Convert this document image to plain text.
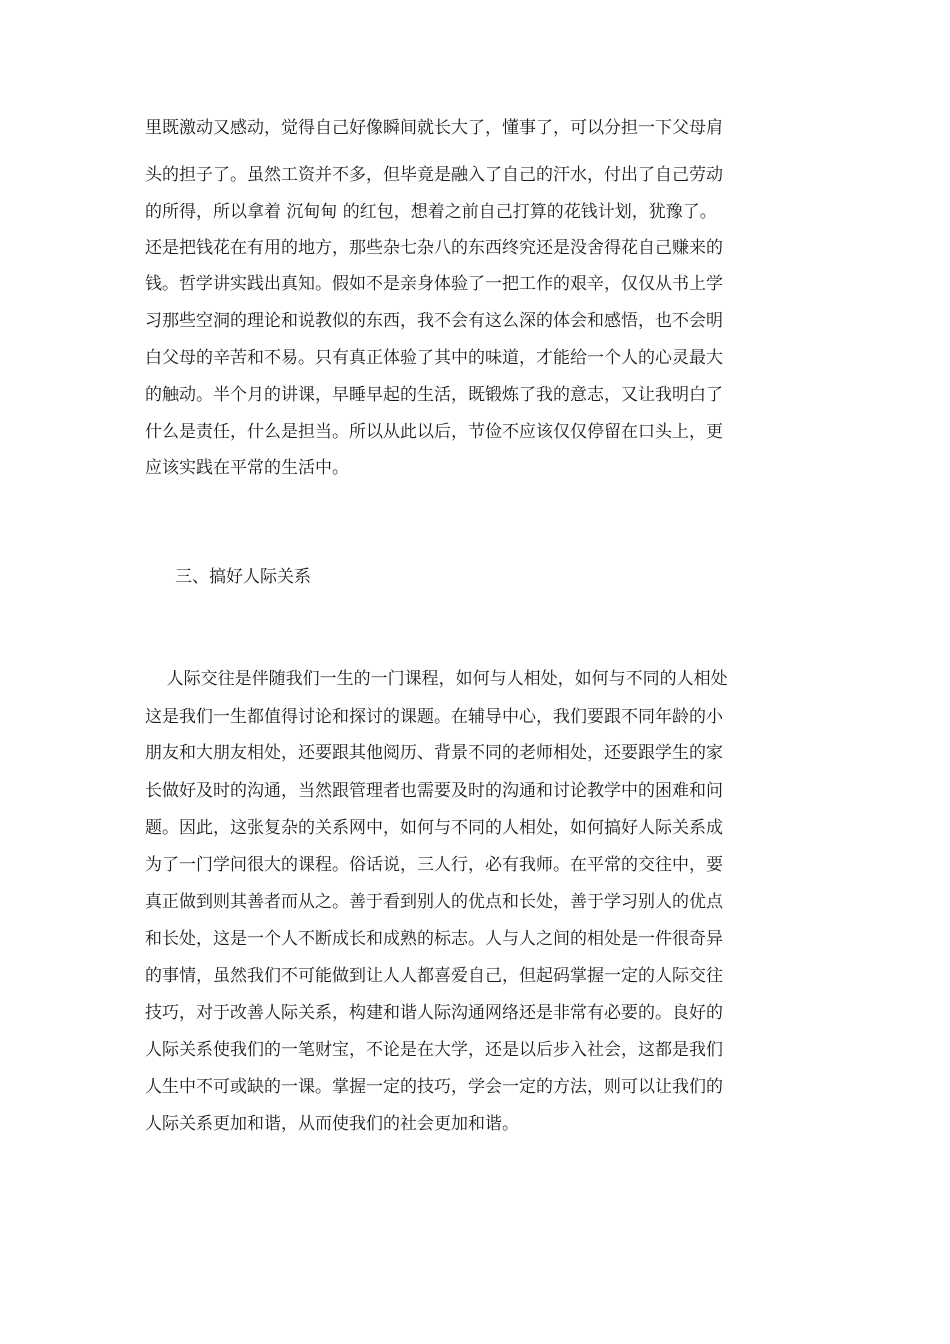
里既激动又感动，觉得自己好像瞬间就长大了，懂事了，可以分担一下父母肩

头的担子了。虽然工资并不多，但毕竟是融入了自己的汗水，付出了自己劳动

的所得，所以拿着 沉甸甸 的红包，想着之前自己打算的花钱计划，犹豫了。

还是把钱花在有用的地方，那些杂七杂八的东西终究还是没舍得花自己赚来的

钱。哲学讲实践出真知。假如不是亲身体验了一把工作的艰辛，仅仅从书上学

习那些空洞的理论和说教似的东西，我不会有这么深的体会和感悟，也不会明

白父母的辛苦和不易。只有真正体验了其中的味道，才能给一个人的心灵最大

的触动。半个月的讲课，早睡早起的生活，既锻炼了我的意志，又让我明白了

什么是责任，什么是担当。所以从此以后，节俭不应该仅仅停留在口头上，更

应该实践在平常的生活中。

三、搞好人际关系

人际交往是伴随我们一生的一门课程，如何与人相处，如何与不同的人相处

这是我们一生都值得讨论和探讨的课题。在辅导中心，我们要跟不同年龄的小

朋友和大朋友相处，还要跟其他阅历、背景不同的老师相处，还要跟学生的家

长做好及时的沟通，当然跟管理者也需要及时的沟通和讨论教学中的困难和问

题。因此，这张复杂的关系网中，如何与不同的人相处，如何搞好人际关系成

为了一门学问很大的课程。俗话说，三人行，必有我师。在平常的交往中，要

真正做到则其善者而从之。善于看到别人的优点和长处，善于学习别人的优点

和长处，这是一个人不断成长和成熟的标志。人与人之间的相处是一件很奇异

的事情，虽然我们不可能做到让人人都喜爱自己，但起码掌握一定的人际交往

技巧，对于改善人际关系，构建和谐人际沟通网络还是非常有必要的。良好的

人际关系使我们的一笔财宝，不论是在大学，还是以后步入社会，这都是我们

人生中不可或缺的一课。掌握一定的技巧，学会一定的方法，则可以让我们的

人际关系更加和谐，从而使我们的社会更加和谐。
